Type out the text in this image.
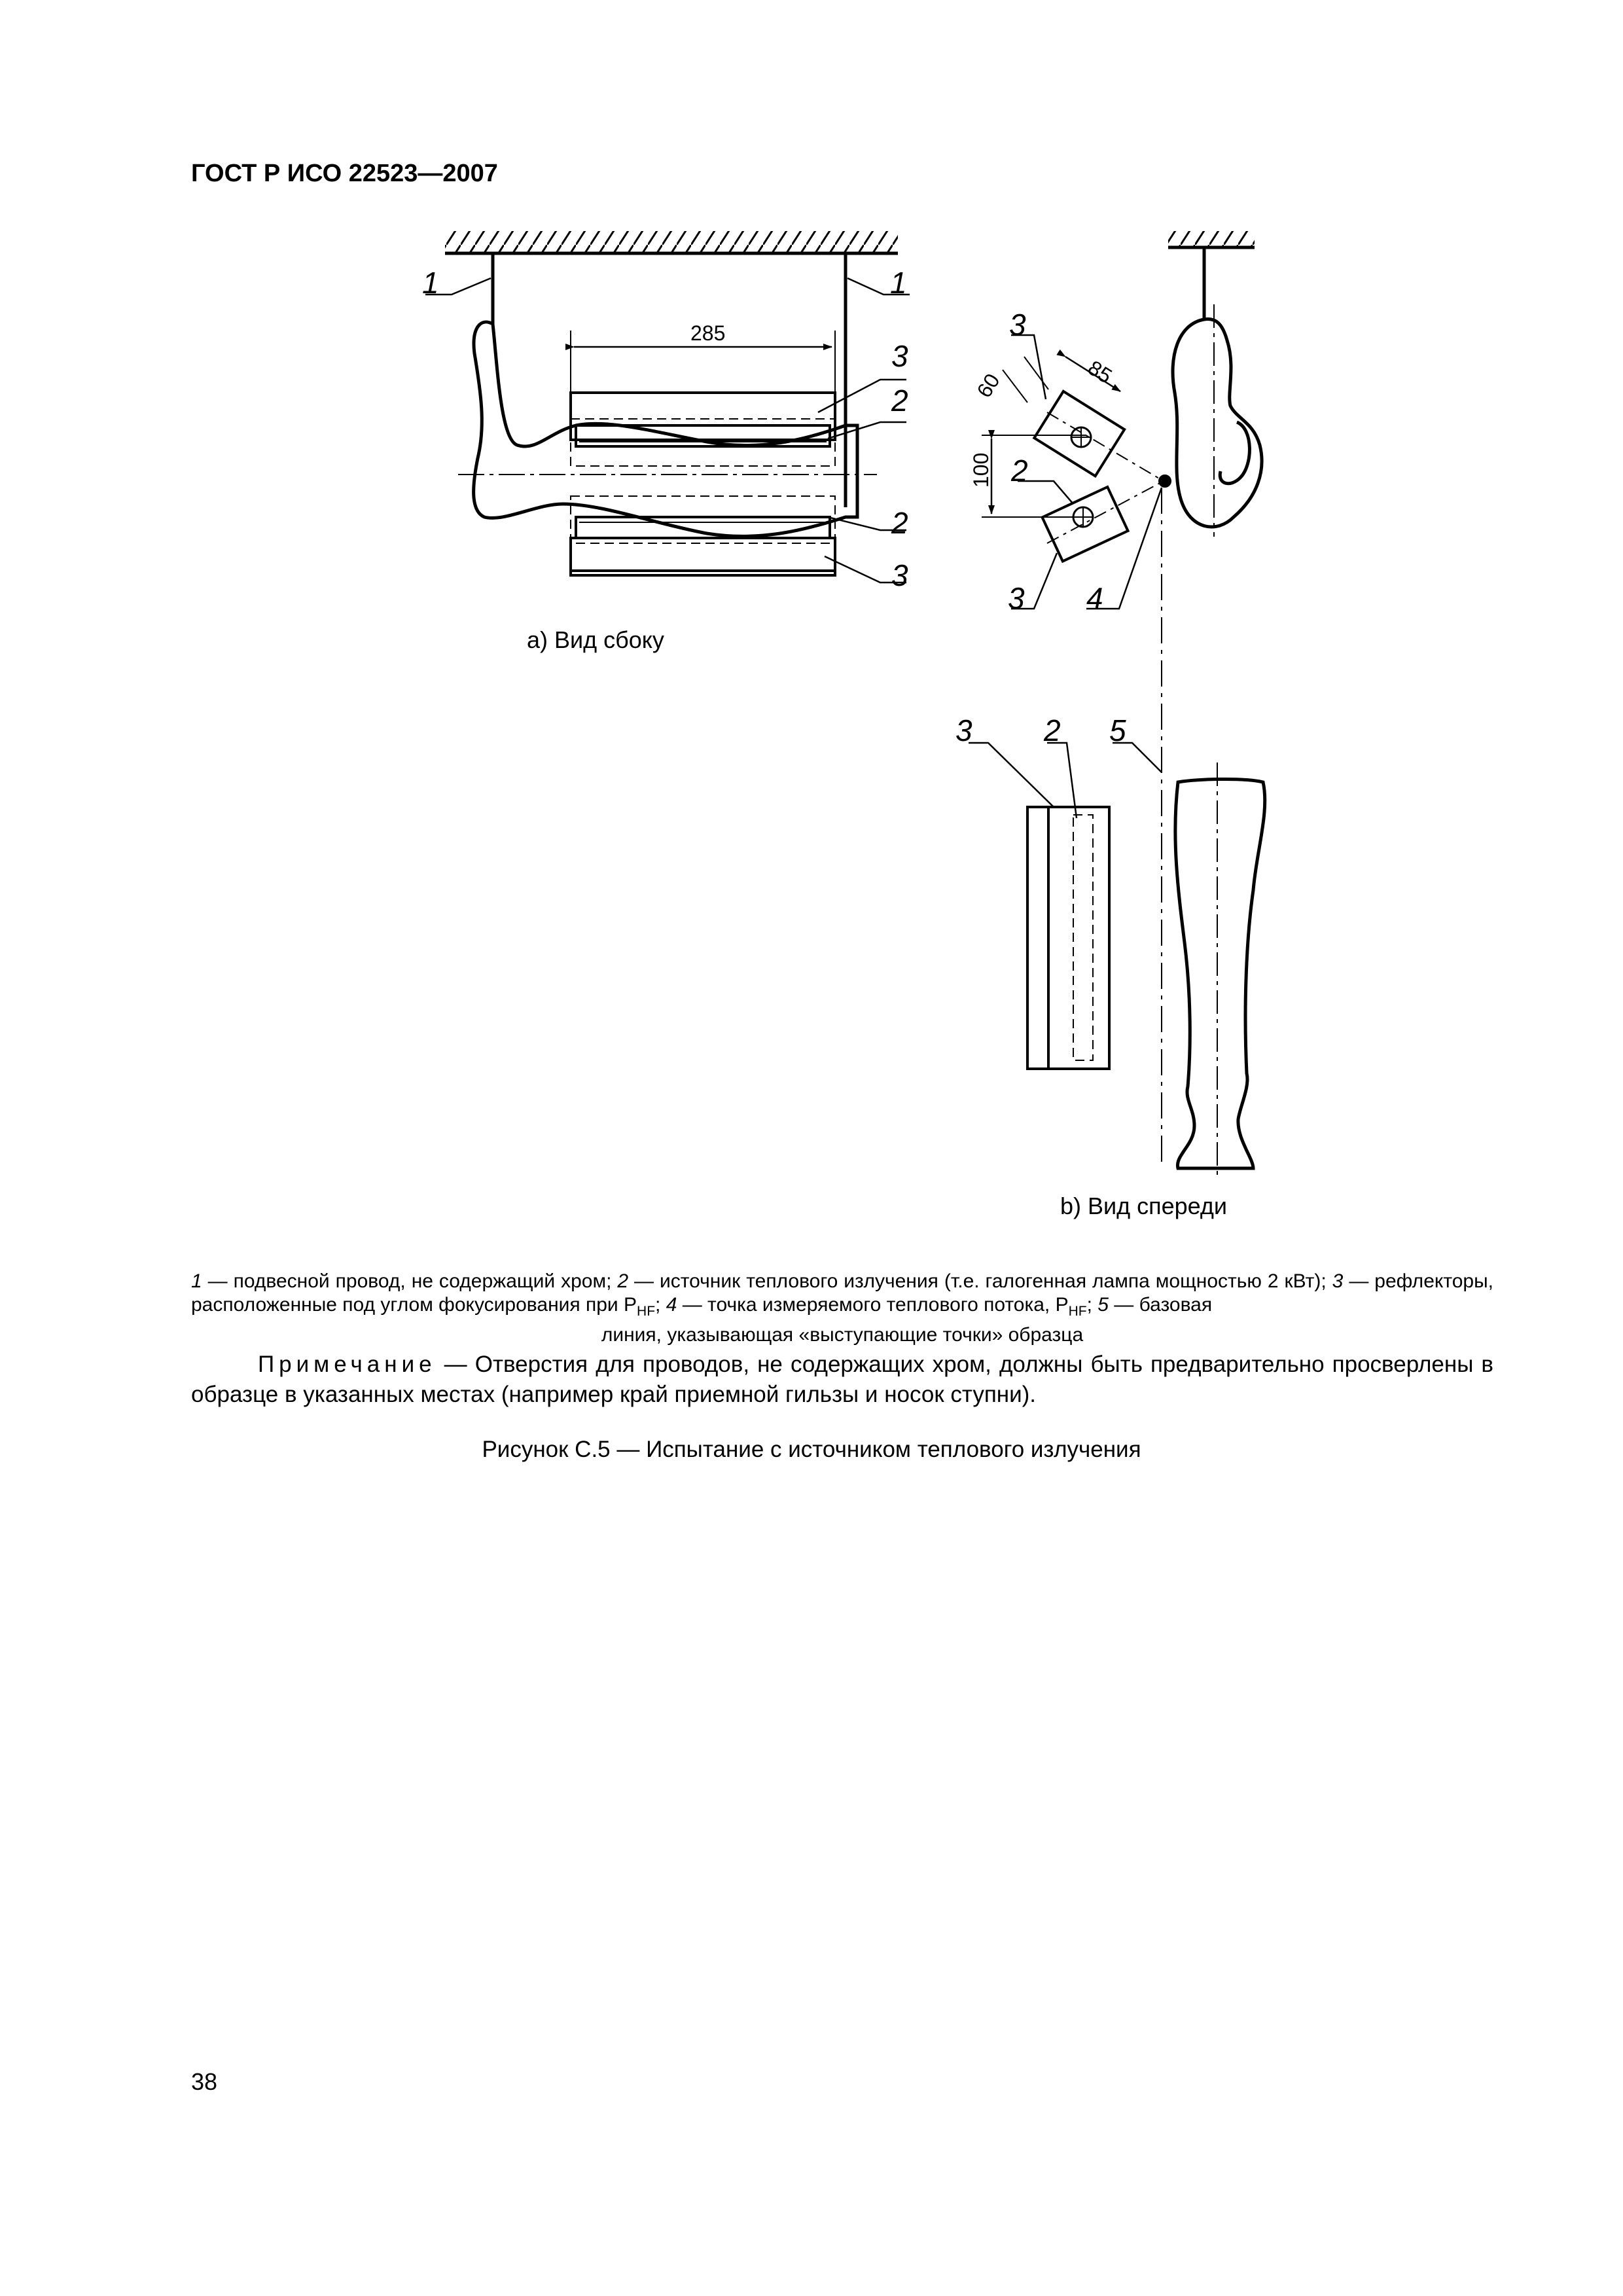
ГОСТ Р ИСО 22523—2007
1	1
285
3
2
2
3
a) Вид сбоку
3
85
60
100 2
3 4
3 2 5
b) Вид спереди
1 — подвесной провод, не содержащий хром; 2 — источник теплового излучения (т.е. галогенная лампа мощностью 2 кВт); 3 — рефлекторы, расположенные под углом фокусирования при $P_{HF}$; 4 — точка измеряемого теплового потока, $P_{HF}$; 5 — базовая
линия, указывающая «выступающие точки» образца
Примечание — Отверстия для проводов, не содержащих хром, должны быть предварительно просверлены в образце в указанных местах (например край приемной гильзы и носок ступни).
Рисунок С.5 — Испытание с источником теплового излучения
38
